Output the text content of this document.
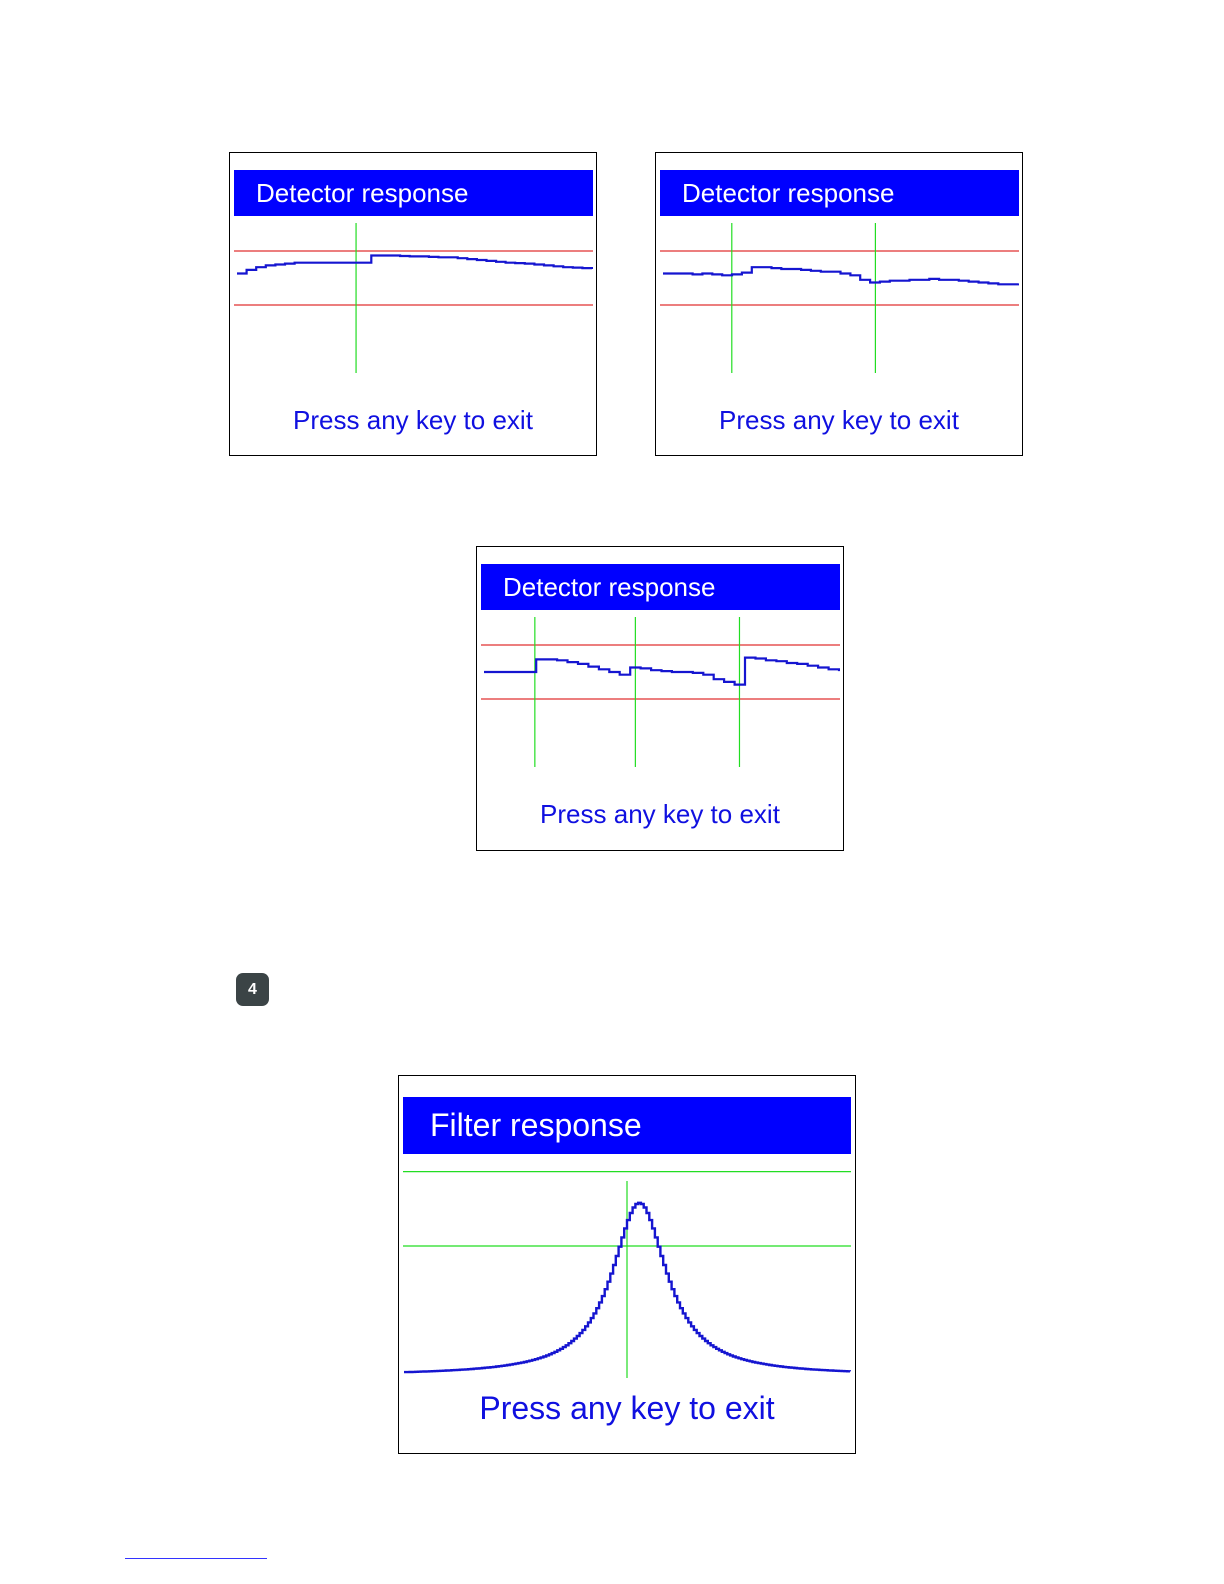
Detector response
Press any key to exit
Detector response
Press any key to exit
Detector response
Press any key to exit
4
Filter response
Press any key to exit
